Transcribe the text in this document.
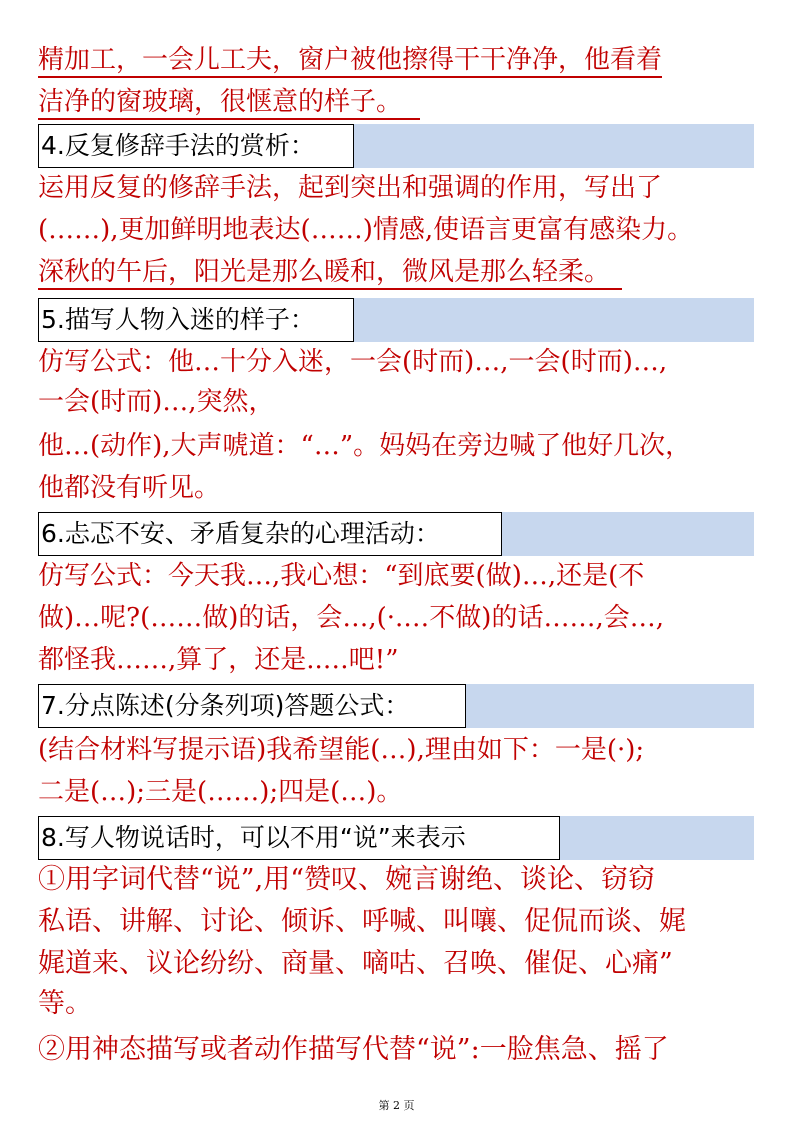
精加工，一会儿工夫，窗户被他擦得干干净净，他看着
洁净的窗玻璃，很惬意的样子。
4.反复修辞手法的赏析：
运用反复的修辞手法，起到突出和强调的作用，写出了
(……),更加鲜明地表达(……)情感,使语言更富有感染力。
深秋的午后，阳光是那么暖和，微风是那么轻柔。
5.描写人物入迷的样子：
仿写公式：他…十分入迷，一会(时而)…,一会(时而)…,
一会(时而)…,突然，
他…(动作),大声唬道：“…”。妈妈在旁边喊了他好几次，
他都没有听见。
6.忐忑不安、矛盾复杂的心理活动：
仿写公式：今天我…,我心想：“到底要(做)…,还是(不
做)…呢?(……做)的话，会…,(·.…不做)的话……,会…,
都怪我……,算了，还是..…吧!”
7.分点陈述(分条列项)答题公式：
(结合材料写提示语)我希望能(…),理由如下：一是(·);
二是(…);三是(……);四是(…)。
8.写人物说话时，可以不用“说”来表示
①用字词代替“说”,用“赞叹、婉言谢绝、谈论、窃窃
私语、讲解、讨论、倾诉、呼喊、叫嚷、促侃而谈、娓
娓道来、议论纷纷、商量、嘀咕、召唤、催促、心痛”
等。
②用神态描写或者动作描写代替“说”:一脸焦急、摇了
第 2 页
